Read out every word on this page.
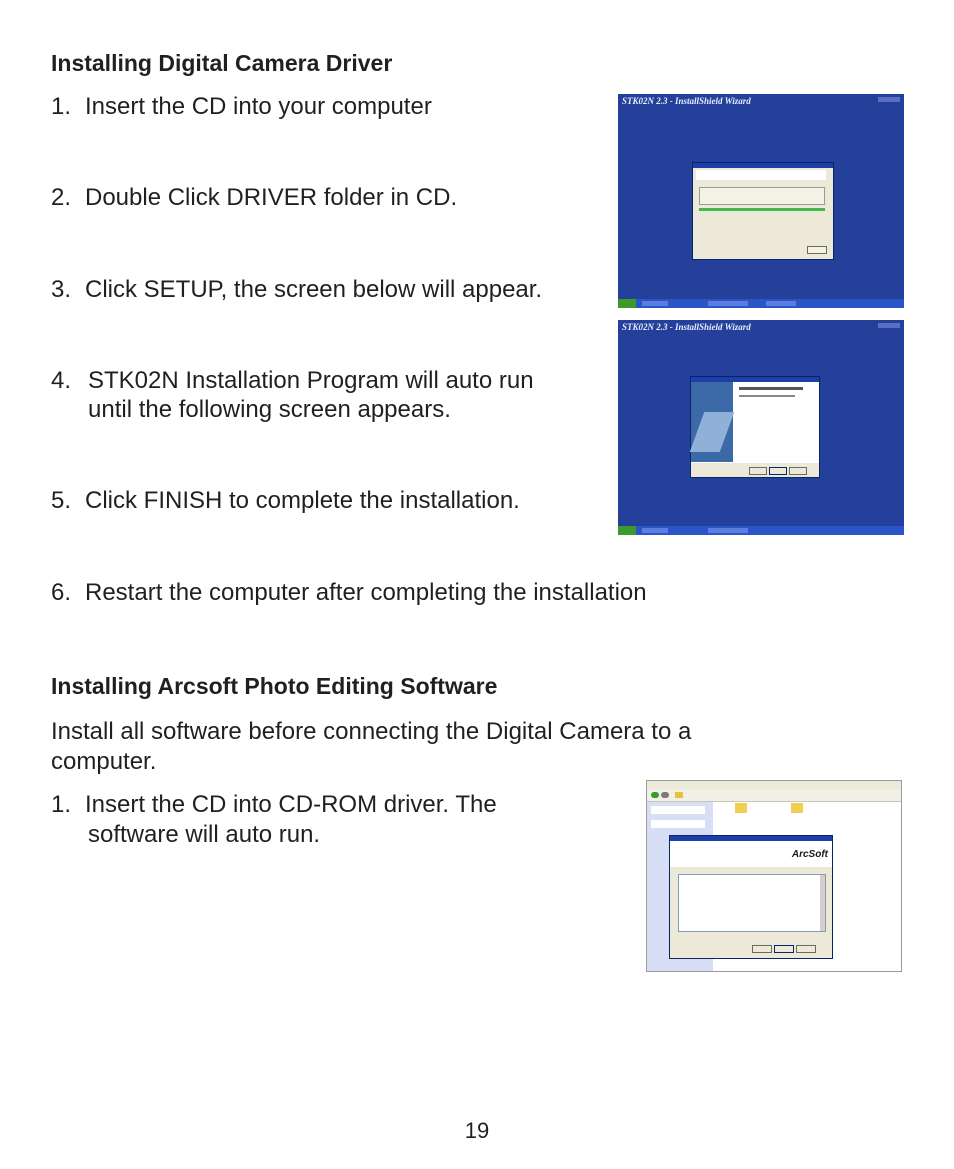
Installing Digital Camera Driver
1. Insert the CD into your computer
2. Double Click DRIVER folder in CD.
3. Click SETUP, the screen below will appear.
4. STK02N Installation Program will auto run
until the following screen appears.
5. Click FINISH to complete the installation.
6. Restart the computer after completing the installation
STK02N 2.3 - InstallShield Wizard
STK02N 2.3 - InstallShield Wizard
Installing Arcsoft Photo Editing Software
Install all software before connecting the Digital Camera to a
computer.
1. Insert the CD into CD-ROM driver. The
software will auto run.
ArcSoft
19
